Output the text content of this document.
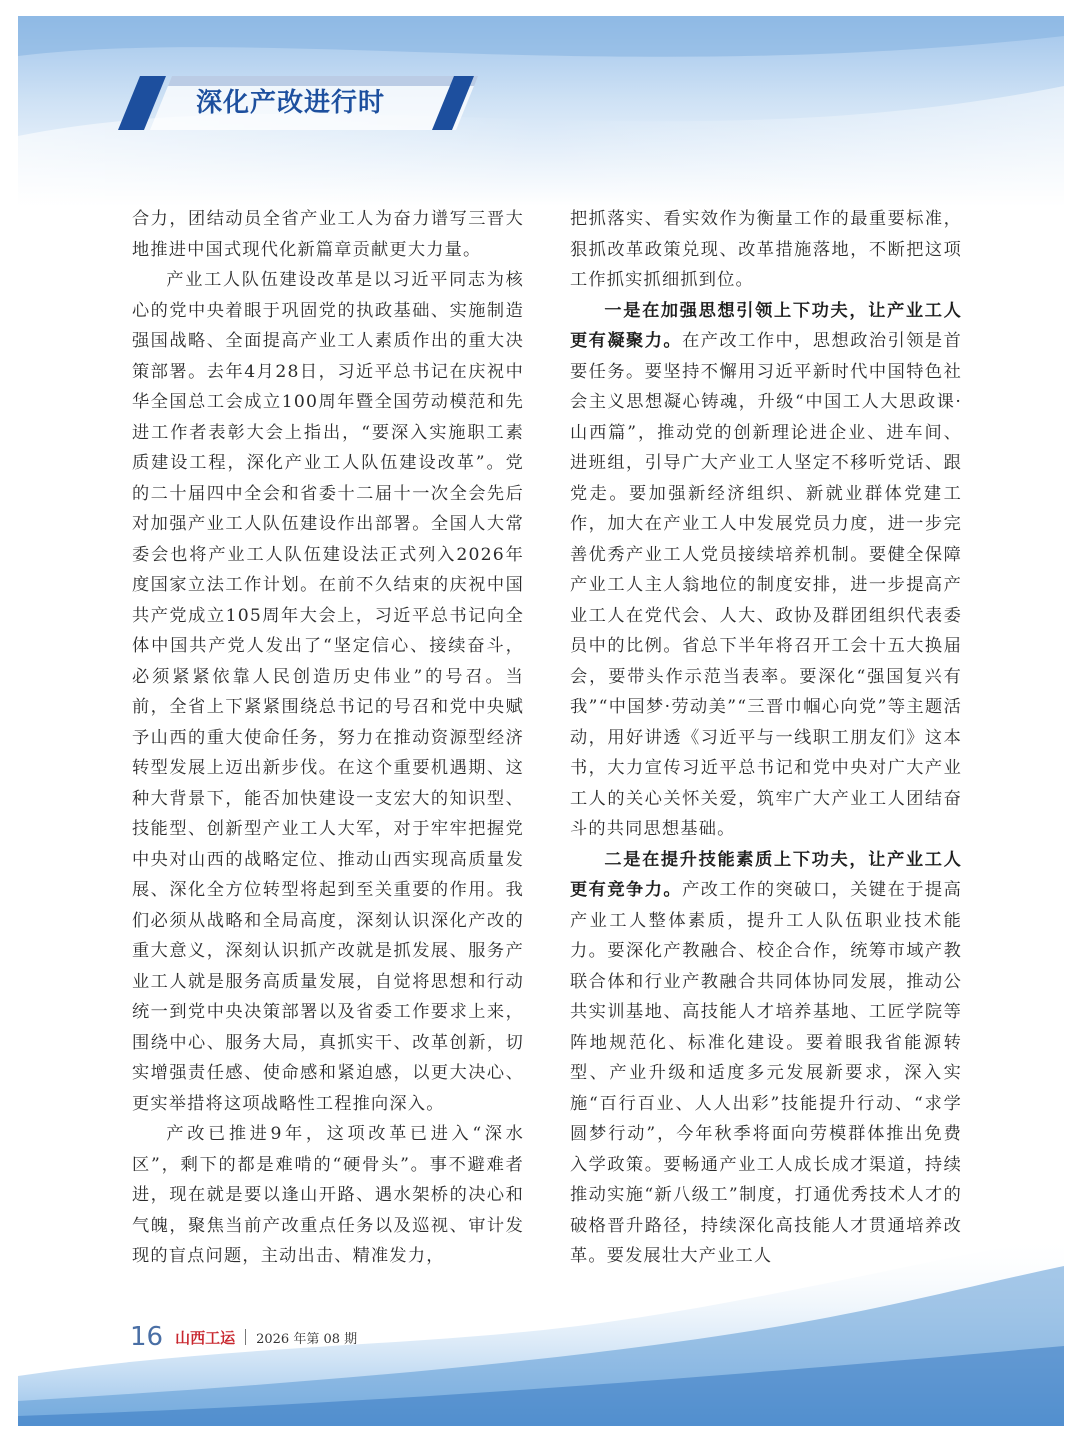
深化产改进行时

合力，团结动员全省产业工人为奋力谱写三晋大地推进中国式现代化新篇章贡献更大力量。

产业工人队伍建设改革是以习近平同志为核心的党中央着眼于巩固党的执政基础、实施制造强国战略、全面提高产业工人素质作出的重大决策部署。去年4月28日，习近平总书记在庆祝中华全国总工会成立100周年暨全国劳动模范和先进工作者表彰大会上指出，“要深入实施职工素质建设工程，深化产业工人队伍建设改革”。党的二十届四中全会和省委十二届十一次全会先后对加强产业工人队伍建设作出部署。全国人大常委会也将产业工人队伍建设法正式列入2026年度国家立法工作计划。在前不久结束的庆祝中国共产党成立105周年大会上，习近平总书记向全体中国共产党人发出了“坚定信心、接续奋斗，必须紧紧依靠人民创造历史伟业”的号召。当前，全省上下紧紧围绕总书记的号召和党中央赋予山西的重大使命任务，努力在推动资源型经济转型发展上迈出新步伐。在这个重要机遇期、这种大背景下，能否加快建设一支宏大的知识型、技能型、创新型产业工人大军，对于牢牢把握党中央对山西的战略定位、推动山西实现高质量发展、深化全方位转型将起到至关重要的作用。我们必须从战略和全局高度，深刻认识深化产改的重大意义，深刻认识抓产改就是抓发展、服务产业工人就是服务高质量发展，自觉将思想和行动统一到党中央决策部署以及省委工作要求上来，围绕中心、服务大局，真抓实干、改革创新，切实增强责任感、使命感和紧迫感，以更大决心、更实举措将这项战略性工程推向深入。

产改已推进9年，这项改革已进入“深水区”，剩下的都是难啃的“硬骨头”。事不避难者进，现在就是要以逢山开路、遇水架桥的决心和气魄，聚焦当前产改重点任务以及巡视、审计发现的盲点问题，主动出击、精准发力，

把抓落实、看实效作为衡量工作的最重要标准，狠抓改革政策兑现、改革措施落地，不断把这项工作抓实抓细抓到位。

一是在加强思想引领上下功夫，让产业工人更有凝聚力。在产改工作中，思想政治引领是首要任务。要坚持不懈用习近平新时代中国特色社会主义思想凝心铸魂，升级“中国工人大思政课·山西篇”，推动党的创新理论进企业、进车间、进班组，引导广大产业工人坚定不移听党话、跟党走。要加强新经济组织、新就业群体党建工作，加大在产业工人中发展党员力度，进一步完善优秀产业工人党员接续培养机制。要健全保障产业工人主人翁地位的制度安排，进一步提高产业工人在党代会、人大、政协及群团组织代表委员中的比例。省总下半年将召开工会十五大换届会，要带头作示范当表率。要深化“强国复兴有我”“中国梦·劳动美”“三晋巾帼心向党”等主题活动，用好讲透《习近平与一线职工朋友们》这本书，大力宣传习近平总书记和党中央对广大产业工人的关心关怀关爱，筑牢广大产业工人团结奋斗的共同思想基础。

二是在提升技能素质上下功夫，让产业工人更有竞争力。产改工作的突破口，关键在于提高产业工人整体素质，提升工人队伍职业技术能力。要深化产教融合、校企合作，统筹市域产教联合体和行业产教融合共同体协同发展，推动公共实训基地、高技能人才培养基地、工匠学院等阵地规范化、标准化建设。要着眼我省能源转型、产业升级和适度多元发展新要求，深入实施“百行百业、人人出彩”技能提升行动、“求学圆梦行动”，今年秋季将面向劳模群体推出免费入学政策。要畅通产业工人成长成才渠道，持续推动实施“新八级工”制度，打通优秀技术人才的破格晋升路径，持续深化高技能人才贯通培养改革。要发展壮大产业工人

16 山西工运 2026 年第 08 期
